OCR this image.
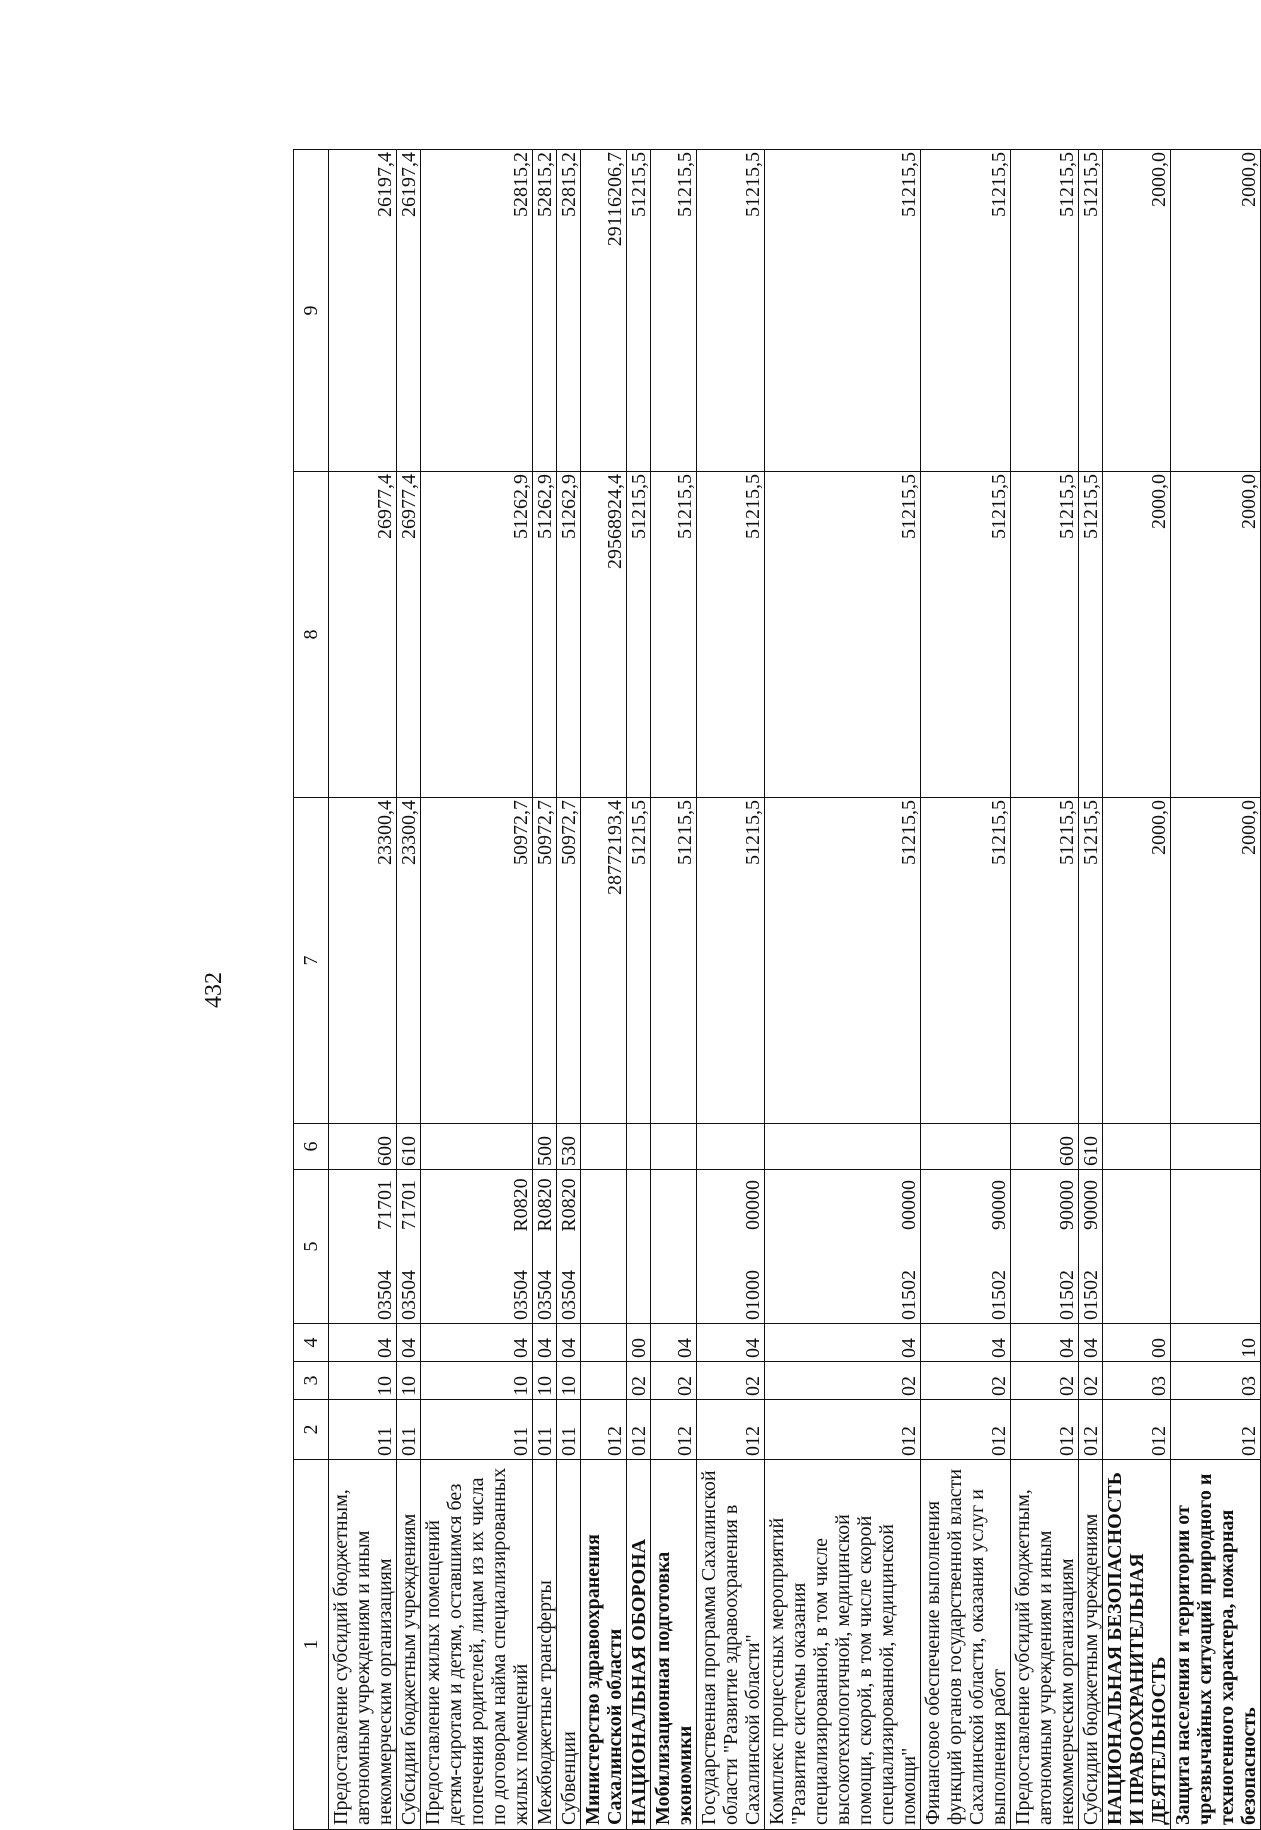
432
1	2	3	4	5	6	7	8	9
Предоставление субсидий бюджетным, автономным учреждениям и иным некоммерческим организациям	011	10	04	0350471701	600	23300,4	26977,4	26197,4
Субсидии бюджетным учреждениям	011	10	04	0350471701	610	23300,4	26977,4	26197,4
Предоставление жилых помещений детям-сиротам и детям, оставшимся без попечения родителей, лицам из их числа по договорам найма специализированных жилых помещений	011	10	04	03504R0820		50972,7	51262,9	52815,2
Межбюджетные трансферты	011	10	04	03504R0820	500	50972,7	51262,9	52815,2
Субвенции	011	10	04	03504R0820	530	50972,7	51262,9	52815,2
Министерство здравоохранения Сахалинской области	012					28772193,4	29568924,4	29116206,7
НАЦИОНАЛЬНАЯ ОБОРОНА	012	02	00			51215,5	51215,5	51215,5
Мобилизационная подготовка экономики	012	02	04			51215,5	51215,5	51215,5
Государственная программа Сахалинской области "Развитие здравоохранения в Сахалинской области"	012	02	04	0100000000		51215,5	51215,5	51215,5
Комплекс процессных мероприятий "Развитие системы оказания специализированной, в том числе высокотехнологичной, медицинской помощи, скорой, в том числе скорой специализированной, медицинской помощи"	012	02	04	0150200000		51215,5	51215,5	51215,5
Финансовое обеспечение выполнения функций органов государственной власти Сахалинской области, оказания услуг и выполнения работ	012	02	04	0150290000		51215,5	51215,5	51215,5
Предоставление субсидий бюджетным, автономным учреждениям и иным некоммерческим организациям	012	02	04	0150290000	600	51215,5	51215,5	51215,5
Субсидии бюджетным учреждениям	012	02	04	0150290000	610	51215,5	51215,5	51215,5
НАЦИОНАЛЬНАЯ БЕЗОПАСНОСТЬ И ПРАВООХРАНИТЕЛЬНАЯ ДЕЯТЕЛЬНОСТЬ	012	03	00			2000,0	2000,0	2000,0
Защита населения и территории от чрезвычайных ситуаций природного и техногенного характера, пожарная безопасность	012	03	10			2000,0	2000,0	2000,0
